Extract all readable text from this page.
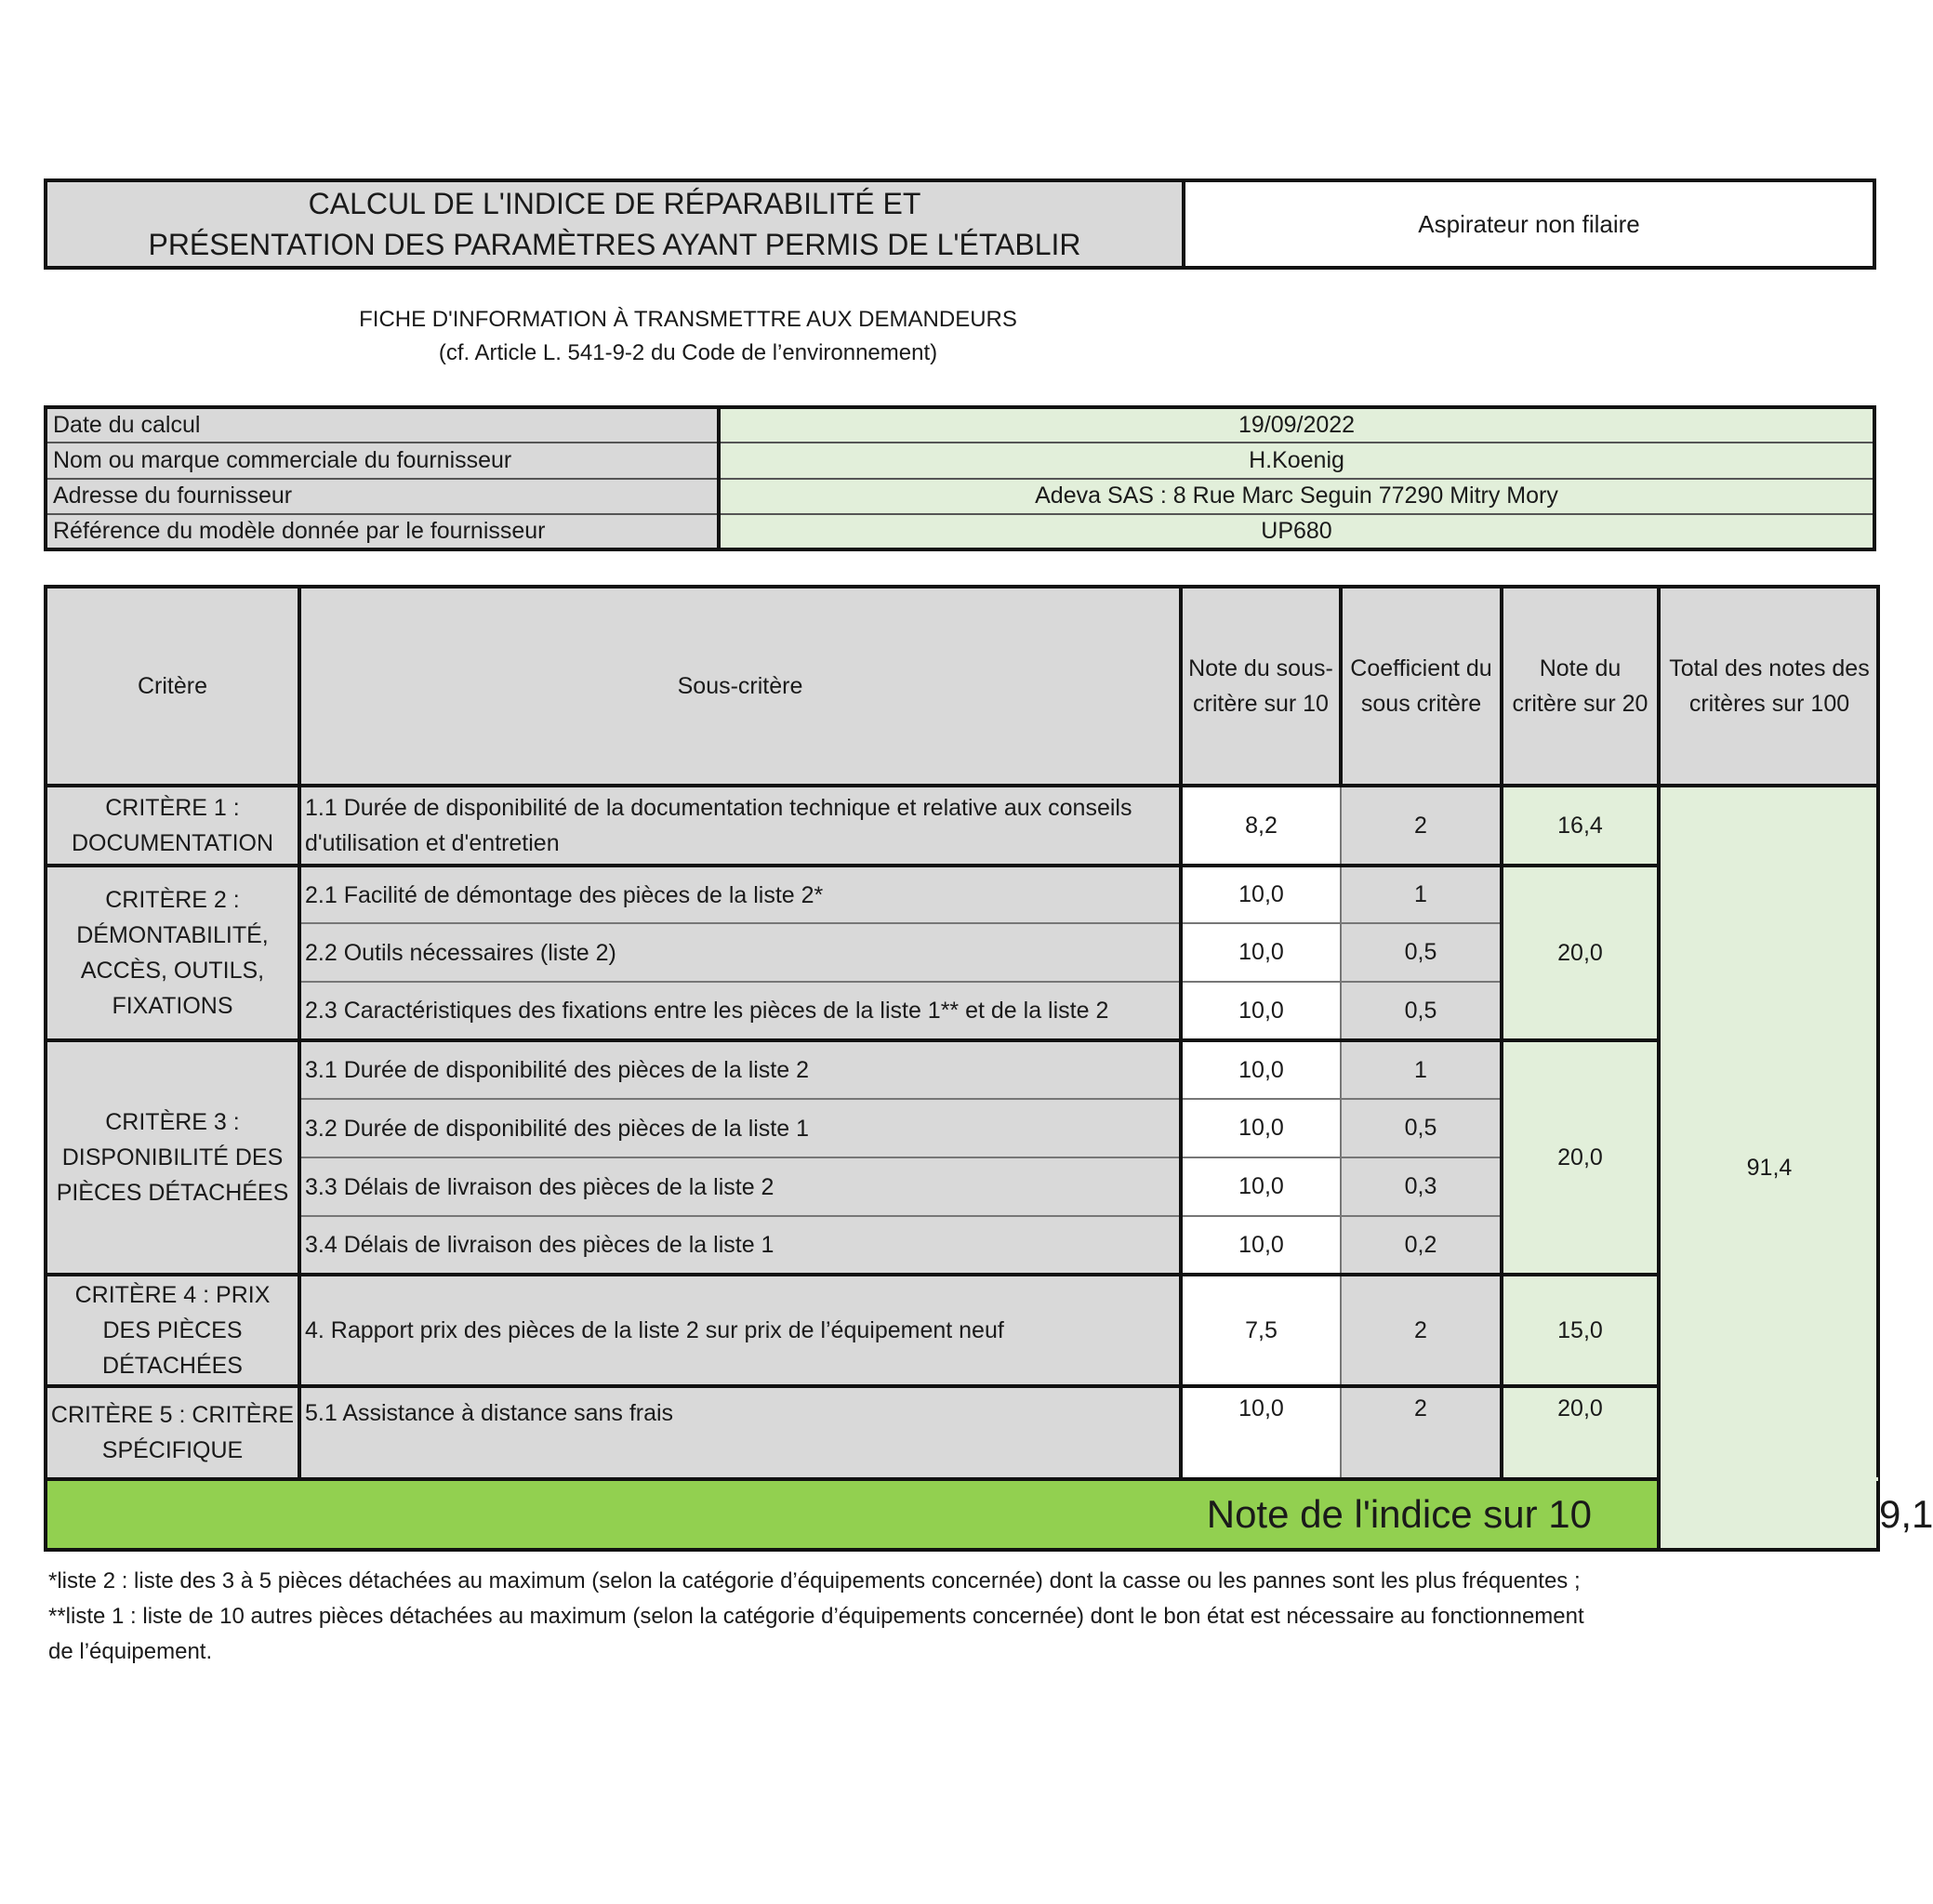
CALCUL DE L'INDICE DE RÉPARABILITÉ ET
PRÉSENTATION DES PARAMÈTRES AYANT PERMIS DE L'ÉTABLIR
Aspirateur non filaire
FICHE D'INFORMATION À TRANSMETTRE AUX DEMANDEURS
(cf. Article L. 541-9-2 du Code de l’environnement)
Date du calcul	19/09/2022
Nom ou marque commerciale du fournisseur	H.Koenig
Adresse du fournisseur	Adeva SAS : 8 Rue Marc Seguin 77290 Mitry Mory
Référence du modèle donnée par le fournisseur	UP680
Critère	Sous-critère	Note du sous-critère sur 10	Coefficient du sous critère	Note du critère sur 20	Total des notes des critères sur 100	
CRITÈRE 1 : DOCUMENTATION	1.1 Durée de disponibilité de la documentation technique et relative aux conseils d'utilisation et d'entretien	8,2	2	16,4	91,4	
CRITÈRE 2 : DÉMONTABILITÉ, ACCÈS, OUTILS, FIXATIONS	2.1 Facilité de démontage des pièces de la liste 2*	10,0	1	20,0		
	2.2 Outils nécessaires (liste 2)	10,0	0,5			
	2.3 Caractéristiques des fixations entre les pièces de la liste 1** et de la liste 2	10,0	0,5			
CRITÈRE 3 : DISPONIBILITÉ DES PIÈCES DÉTACHÉES	3.1 Durée de disponibilité des pièces de la liste 2	10,0	1	20,0		
	3.2 Durée de disponibilité des pièces de la liste 1	10,0	0,5			
	3.3 Délais de livraison des pièces de la liste 2	10,0	0,3			
	3.4 Délais de livraison des pièces de la liste 1	10,0	0,2			
CRITÈRE 4 : PRIX DES PIÈCES DÉTACHÉES	4. Rapport prix des pièces de la liste 2 sur prix de l’équipement neuf	7,5	2	15,0		
CRITÈRE 5 : CRITÈRE SPÉCIFIQUE	5.1 Assistance à distance sans frais	10,0	2	20,0		
Note de l'indice sur 10						9,1
*liste 2 : liste des 3 à 5 pièces détachées au maximum (selon la catégorie d’équipements concernée) dont la casse ou les pannes sont les plus fréquentes ;
**liste 1 : liste de 10 autres pièces détachées au maximum (selon la catégorie d’équipements concernée) dont le bon état est nécessaire au fonctionnement
de l’équipement.
